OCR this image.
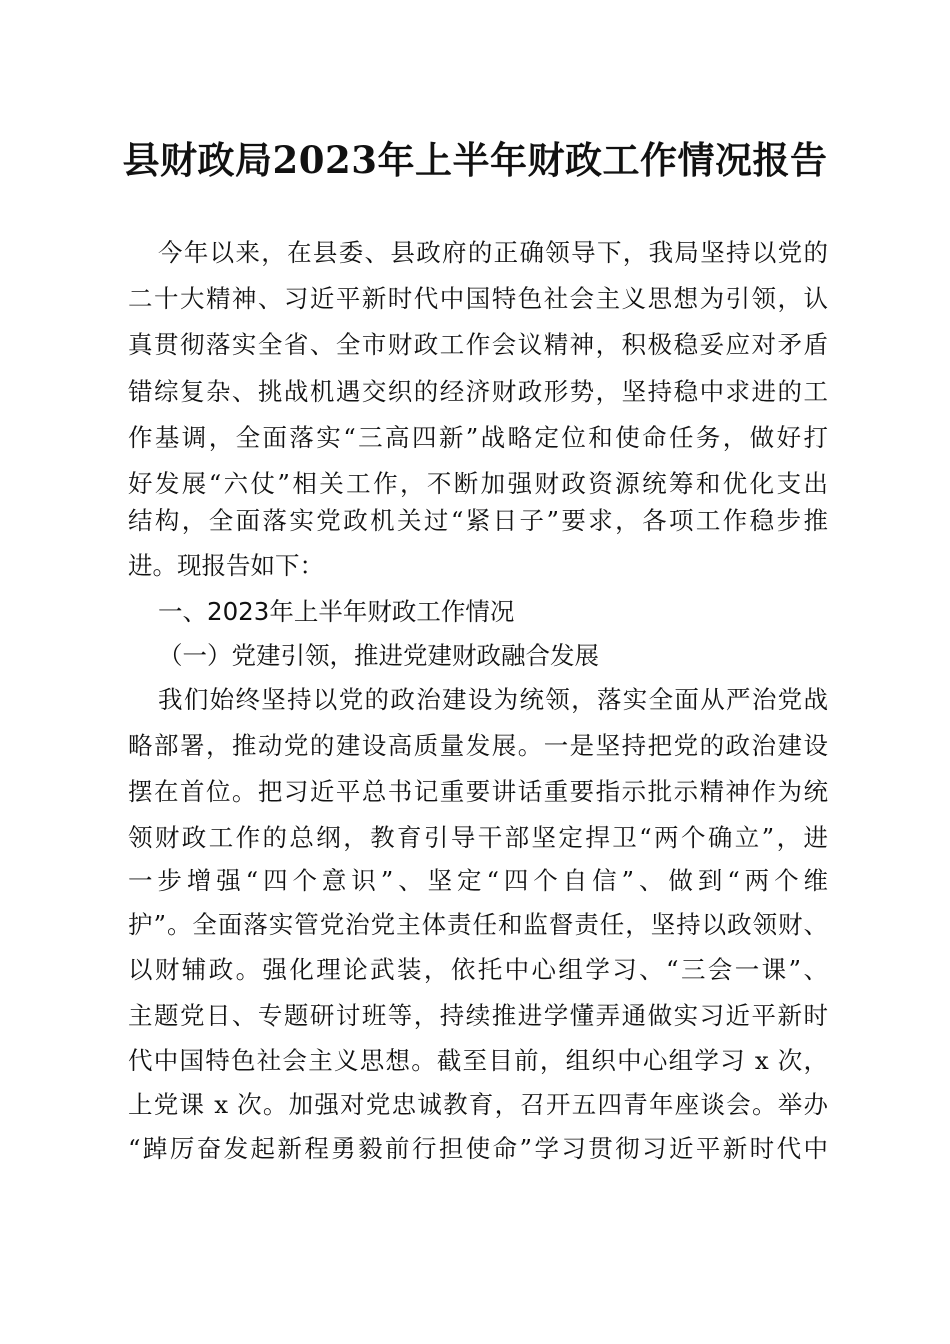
县财政局2023年上半年财政工作情况报告

今年以来，在县委、县政府的正确领导下，我局坚持以党的

二十大精神、习近平新时代中国特色社会主义思想为引领，认

真贯彻落实全省、全市财政工作会议精神，积极稳妥应对矛盾

错综复杂、挑战机遇交织的经济财政形势，坚持稳中求进的工

作基调，全面落实“三高四新”战略定位和使命任务，做好打

好发展“六仗”相关工作，不断加强财政资源统筹和优化支出

结构，全面落实党政机关过“紧日子”要求，各项工作稳步推

进。现报告如下：

一、2023年上半年财政工作情况

（一）党建引领，推进党建财政融合发展

我们始终坚持以党的政治建设为统领，落实全面从严治党战

略部署，推动党的建设高质量发展。一是坚持把党的政治建设

摆在首位。把习近平总书记重要讲话重要指示批示精神作为统

领财政工作的总纲，教育引导干部坚定捍卫“两个确立”，进

一步增强“四个意识”、坚定“四个自信”、做到“两个维

护”。全面落实管党治党主体责任和监督责任，坚持以政领财、

以财辅政。强化理论武装，依托中心组学习、“三会一课”、

主题党日、专题研讨班等，持续推进学懂弄通做实习近平新时

代中国特色社会主义思想。截至目前，组织中心组学习 x 次，

上党课 x 次。加强对党忠诚教育，召开五四青年座谈会。举办

“踔厉奋发起新程勇毅前行担使命”学习贯彻习近平新时代中
